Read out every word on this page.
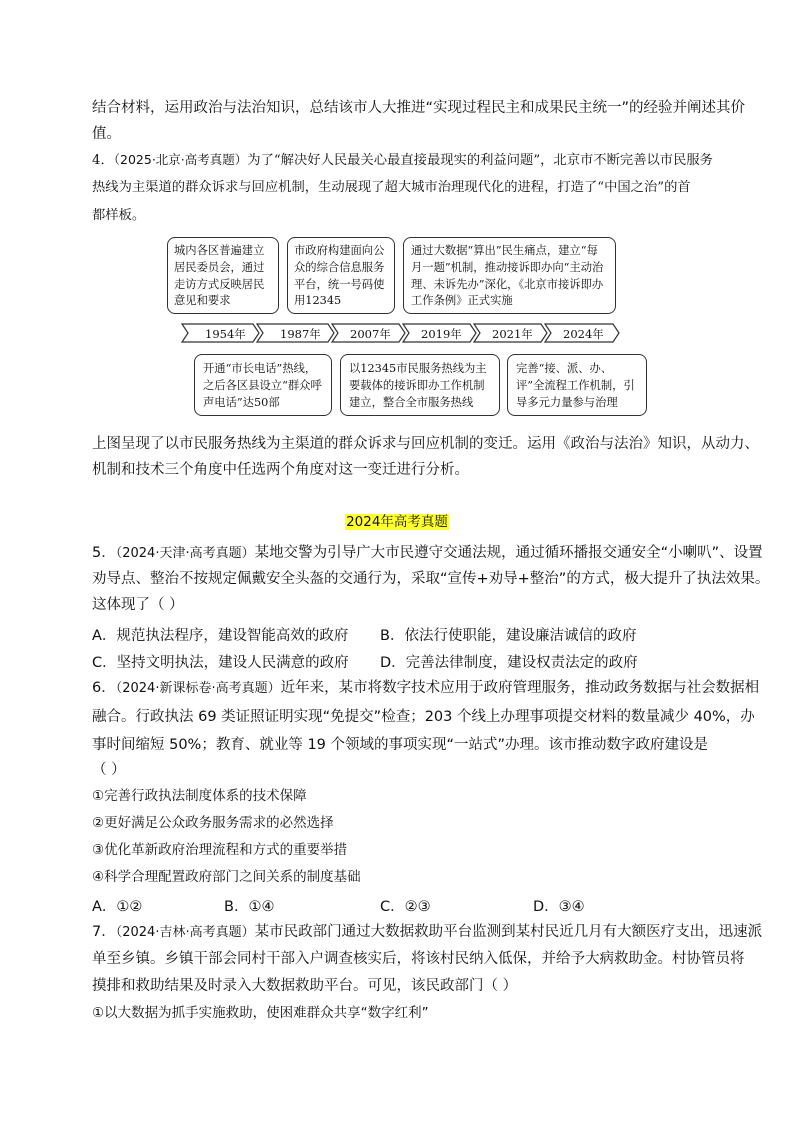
结合材料，运用政治与法治知识，总结该市人大推进“实现过程民主和成果民主统一”的经验并阐述其价
值。
4．（2025·北京·高考真题）为了“解决好人民最关心最直接最现实的利益问题”，北京市不断完善以市民服务
热线为主渠道的群众诉求与回应机制，生动展现了超大城市治理现代化的进程，打造了“中国之治”的首
都样板。
城内各区普遍建立居民委员会，通过走访方式反映居民意见和要求
市政府构建面向公众的综合信息服务平台，统一号码使用12345
通过大数据“算出”民生痛点，建立“每月一题”机制，推动接诉即办向“主动治理、未诉先办”深化，《北京市接诉即办工作条例》正式实施
1954年	1987年	2007年	2019年	2021年	2024年
开通“市长电话”热线，之后各区县设立“群众呼声电话”达50部
以12345市民服务热线为主要载体的接诉即办工作机制建立，整合全市服务热线
完善“接、派、办、评”全流程工作机制，引导多元力量参与治理
上图呈现了以市民服务热线为主渠道的群众诉求与回应机制的变迁。运用《政治与法治》知识，从动力、
机制和技术三个角度中任选两个角度对这一变迁进行分析。
2024年高考真题
5．（2024·天津·高考真题）某地交警为引导广大市民遵守交通法规，通过循环播报交通安全“小喇叭”、设置
劝导点、整治不按规定佩戴安全头盔的交通行为，采取“宣传+劝导+整治”的方式，极大提升了执法效果。
这体现了（ ）
A．规范执法程序，建设智能高效的政府 B．依法行使职能，建设廉洁诚信的政府
C．坚持文明执法，建设人民满意的政府 D．完善法律制度，建设权责法定的政府
6．（2024·新课标卷·高考真题）近年来，某市将数字技术应用于政府管理服务，推动政务数据与社会数据相
融合。行政执法 69 类证照证明实现“免提交”检查；203 个线上办理事项提交材料的数量减少 40%，办
事时间缩短 50%；教育、就业等 19 个领域的事项实现“一站式”办理。该市推动数字政府建设是
（ ）
①完善行政执法制度体系的技术保障
②更好满足公众政务服务需求的必然选择
③优化革新政府治理流程和方式的重要举措
④科学合理配置政府部门之间关系的制度基础
A．①②	B．①④	C．②③	D．③④
7．（2024·吉林·高考真题）某市民政部门通过大数据救助平台监测到某村民近几月有大额医疗支出，迅速派
单至乡镇。乡镇干部会同村干部入户调查核实后，将该村民纳入低保，并给予大病救助金。村协管员将
摸排和救助结果及时录入大数据救助平台。可见，该民政部门（ ）
①以大数据为抓手实施救助，使困难群众共享“数字红利”
